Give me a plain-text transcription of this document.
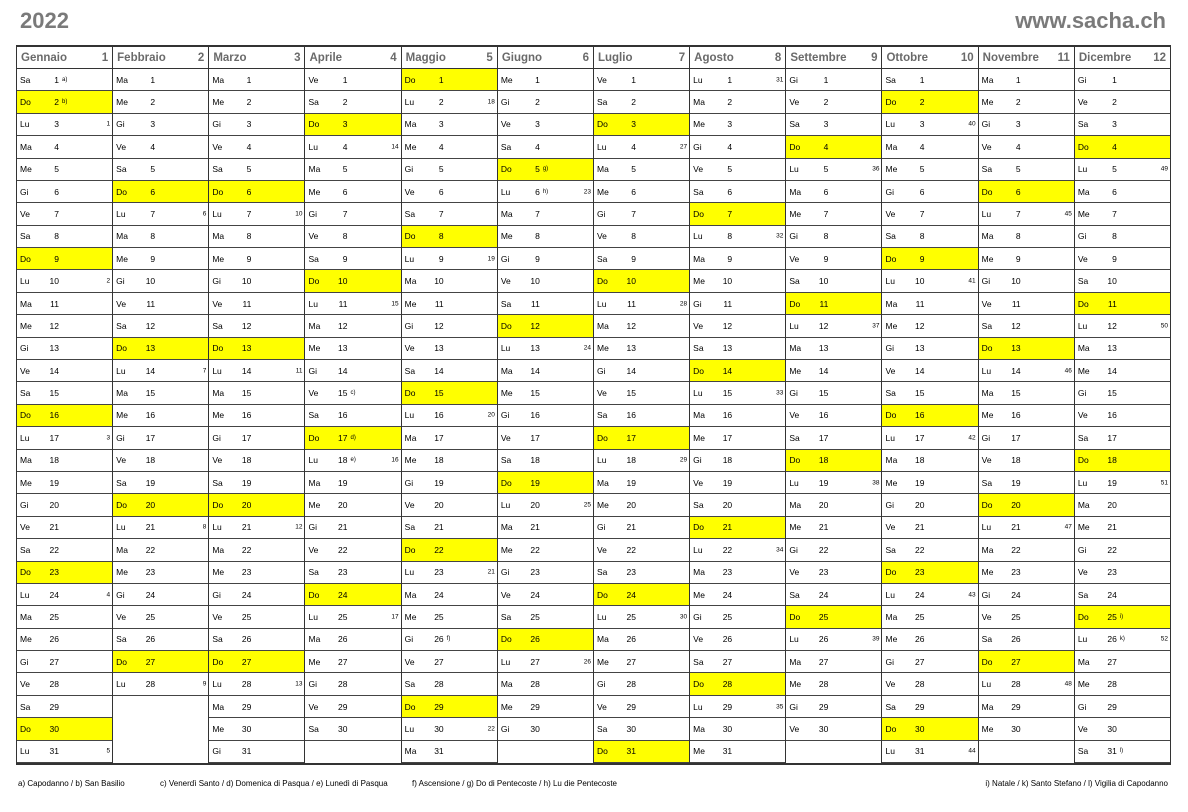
2022	www.sacha.ch
Gennaio	1
Sa	1 a)
Do	2 b)
Lu	3	1
Ma	4
Me	5
Gi	6
Ve	7
Sa	8
Do	9
Lu 10	2
Ma	11
Me 12
Gi 13
Ve 14
Sa 15
Do 16
Lu 17	3
Ma 18
Me 19
Gi 20
Ve 21
Sa 22
Do 23
Lu 24	4
Ma 25
Me 26
Gi 27
Ve 28
Sa 29
Do 30
Lu 31	5
Febbraio	2
Ma	1
Me	2
Gi	3
Ve	4
Sa	5
Do	6
Lu	7	6
Ma	8
Me	9
Gi 10
Ve	11
Sa 12
Do 13
Lu 14	7
Ma 15
Me 16
Gi 17
Ve 18
Sa 19
Do 20
Lu 21	8
Ma 22
Me 23
Gi 24
Ve 25
Sa 26
Do 27
Lu 28	9
Marzo	3
Ma	1
Me	2
Gi	3
Ve	4
Sa	5
Do	6
Lu	7	10
Ma	8
Me	9
Gi 10
Ve	11
Sa 12
Do 13
Lu 14	11
Ma 15
Me 16
Gi 17
Ve 18
Sa 19
Do 20
Lu 21	12
Ma 22
Me 23
Gi 24
Ve 25
Sa 26
Do 27
Lu 28	13
Ma 29
Me 30
Gi 31
Aprile	4
Ve	1
Sa	2
Do	3
Lu	4	14
Ma	5
Me	6
Gi	7
Ve	8
Sa	9
Do 10
Lu	11	15
Ma 12
Me 13
Gi 14
Ve 15 c)
Sa 16
Do 17 d)
Lu 18 e)	16
Ma 19
Me 20
Gi 21
Ve 22
Sa 23
Do 24
Lu 25	17
Ma 26
Me 27
Gi 28
Ve 29
Sa 30
Maggio	5
Do	1
Lu	2	18
Ma	3
Me	4
Gi	5
Ve	6
Sa	7
Do	8
Lu	9	19
Ma 10
Me	11
Gi 12
Ve 13
Sa 14
Do 15
Lu 16	20
Ma 17
Me 18
Gi 19
Ve 20
Sa 21
Do 22
Lu 23	21
Ma 24
Me 25
Gi 26 f)
Ve 27
Sa 28
Do 29
Lu 30	22
Ma 31
Giugno	6
Me	1
Gi	2
Ve	3
Sa	4
Do	5 g)
Lu	6 h)	23
Ma	7
Me	8
Gi	9
Ve 10
Sa	11
Do 12
Lu 13	24
Ma 14
Me 15
Gi 16
Ve 17
Sa 18
Do 19
Lu 20	25
Ma 21
Me 22
Gi 23
Ve 24
Sa 25
Do 26
Lu 27	26
Ma 28
Me 29
Gi 30
Luglio	7
Ve	1
Sa	2
Do	3
Lu	4	27
Ma	5
Me	6
Gi	7
Ve	8
Sa	9
Do 10
Lu	11	28
Ma 12
Me 13
Gi 14
Ve 15
Sa 16
Do 17
Lu 18	29
Ma 19
Me 20
Gi 21
Ve 22
Sa 23
Do 24
Lu 25	30
Ma 26
Me 27
Gi 28
Ve 29
Sa 30
Do 31
Agosto	8
Lu	1	31
Ma	2
Me	3
Gi	4
Ve	5
Sa	6
Do	7
Lu	8	32
Ma	9
Me 10
Gi	11
Ve 12
Sa 13
Do 14
Lu 15	33
Ma 16
Me 17
Gi 18
Ve 19
Sa 20
Do 21
Lu 22	34
Ma 23
Me 24
Gi 25
Ve 26
Sa 27
Do 28
Lu 29	35
Ma 30
Me 31
Settembre 9
Gi	1
Ve	2
Sa	3
Do	4
Lu	5	36
Ma	6
Me	7
Gi	8
Ve	9
Sa 10
Do	11
Lu 12	37
Ma 13
Me 14
Gi 15
Ve 16
Sa 17
Do 18
Lu 19	38
Ma 20
Me 21
Gi 22
Ve 23
Sa 24
Do 25
Lu 26	39
Ma 27
Me 28
Gi 29
Ve 30
Ottobre	10
Sa	1
Do	2
Lu	3	40
Ma	4
Me	5
Gi	6
Ve	7
Sa	8
Do	9
Lu 10	41
Ma	11
Me 12
Gi 13
Ve 14
Sa 15
Do 16
Lu 17	42
Ma 18
Me 19
Gi 20
Ve 21
Sa 22
Do 23
Lu 24	43
Ma 25
Me 26
Gi 27
Ve 28
Sa 29
Do 30
Lu 31	44
Novembre 11
Ma	1
Me	2
Gi	3
Ve	4
Sa	5
Do	6
Lu	7	45
Ma	8
Me	9
Gi 10
Ve	11
Sa 12
Do 13
Lu 14	46
Ma 15
Me 16
Gi 17
Ve 18
Sa 19
Do 20
Lu 21	47
Ma 22
Me 23
Gi 24
Ve 25
Sa 26
Do 27
Lu 28	48
Ma 29
Me 30
Dicembre 12
Gi	1
Ve	2
Sa	3
Do	4
Lu	5	49
Ma	6
Me	7
Gi	8
Ve	9
Sa 10
Do	11
Lu 12	50
Ma 13
Me 14
Gi 15
Ve 16
Sa 17
Do 18
Lu 19	51
Ma 20
Me 21
Gi 22
Ve 23
Sa 24
Do 25 i)
Lu 26 k)	52
Ma 27
Me 28
Gi 29
Ve 30
Sa 31 l)
a) Capodanno / b) San Basilio	c) Venerdì Santo / d) Domenica di Pasqua / e) Lunedì di Pasqua	f) Ascensione / g) Do di Pentecoste / h) Lu die Pentecoste	i) Natale / k) Santo Stefano / l) Vigilia di Capodanno
